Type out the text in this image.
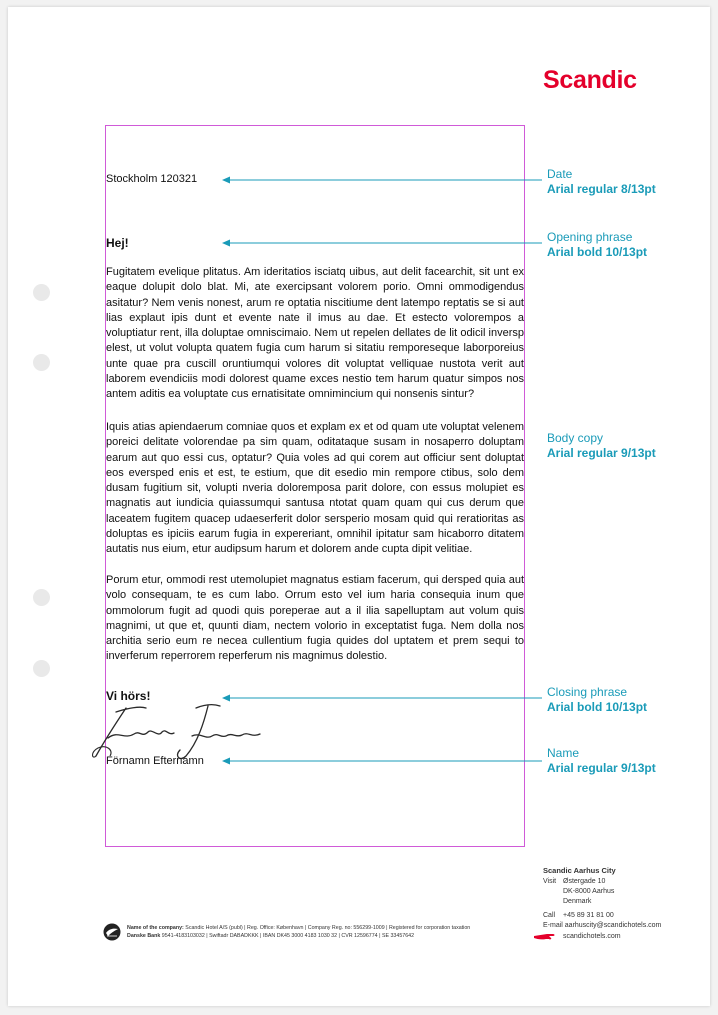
Scandic
Stockholm 120321
Hej!
Fugitatem evelique plitatus. Am ideritatios isciatq uibus, aut delit facearchit, sit unt ex eaque dolupit dolo blat. Mi, ate exercipsant volorem porio. Omni ommodigendus asitatur? Nem venis nonest, arum re optatia niscitiume dent latempo reptatis se si aut lias explaut ipis dunt et evente nate il imus au dae. Et estecto volorempos a voluptiatur rent, illa doluptae omniscimaio. Nem ut repelen dellates de lit odicil inversp elest, ut volut volupta quatem fugia cum harum si sitatiu remporeseque laborporeius unte quae pra cuscill oruntiumqui volores dit voluptat velliquae nustota verit aut laborem evendiciis modi dolorest quame exces nestio tem harum quatur simpos nos antem aditis ea voluptate cus ernatisitate omnimincium qui nonsenis sintur?
Iquis atias apiendaerum comniae quos et explam ex et od quam ute voluptat velenem poreici delitate volorendae pa sim quam, oditataque susam in nosaperro doluptam earum aut quo essi cus, optatur? Quia voles ad qui corem aut officiur sent doluptat eos eversped enis et est, te estium, que dit esedio min rempore ctibus, solo dem dusam fugitium sit, volupti nveria doloremposa parit dolore, con essus molupiet es magnatis aut iundicia quiassumqui santusa ntotat quam quam qui cus derum que laceatem fugitem quacep udaeserferit dolor sersperio mosam quid qui reratioritas as doluptas es ipiciis earum fugia in expereriant, omnihil ipitatur sam hicaborro ditatem autatis nus eium, etur audipsum harum et dolorem ande cupta dipit velitiae.
Porum etur, ommodi rest utemolupiet magnatus estiam facerum, qui dersped quia aut volo consequam, te es cum labo. Orrum esto vel ium haria consequia inum que ommolorum fugit ad quodi quis poreperae aut a il ilia sapelluptam aut volum quis magnimi, ut que et, quunti diam, nectem volorio in exceptatist fuga. Nem dolla nos architia serio eum re necea cullentium fugia quides dol uptatem et prem sequi to inverferum reperrorem reperferum nis magnimus dolestio.
Vi hörs!
Förnamn Efternamn
Date
Arial regular 8/13pt
Opening phrase
Arial bold 10/13pt
Body copy
Arial regular 9/13pt
Closing phrase
Arial bold 10/13pt
Name
Arial regular 9/13pt
Scandic Aarhus City
Visit Østergade 10
DK-8000 Aarhus
Denmark
Call	+45 89 31 81 00
E-mail aarhuscity@scandichotels.com
scandichotels.com
Name of the company: Scandic Hotel A/S (publ) | Reg. Office: København | Company Reg. no: 556299-1009 | Registered for corporation taxation
Danske Bank 9541-4183103032 | Swiftadr DABADKKK | IBAN DK45 3000 4183 1030 32 | CVR 12596774 | SE 33457642
